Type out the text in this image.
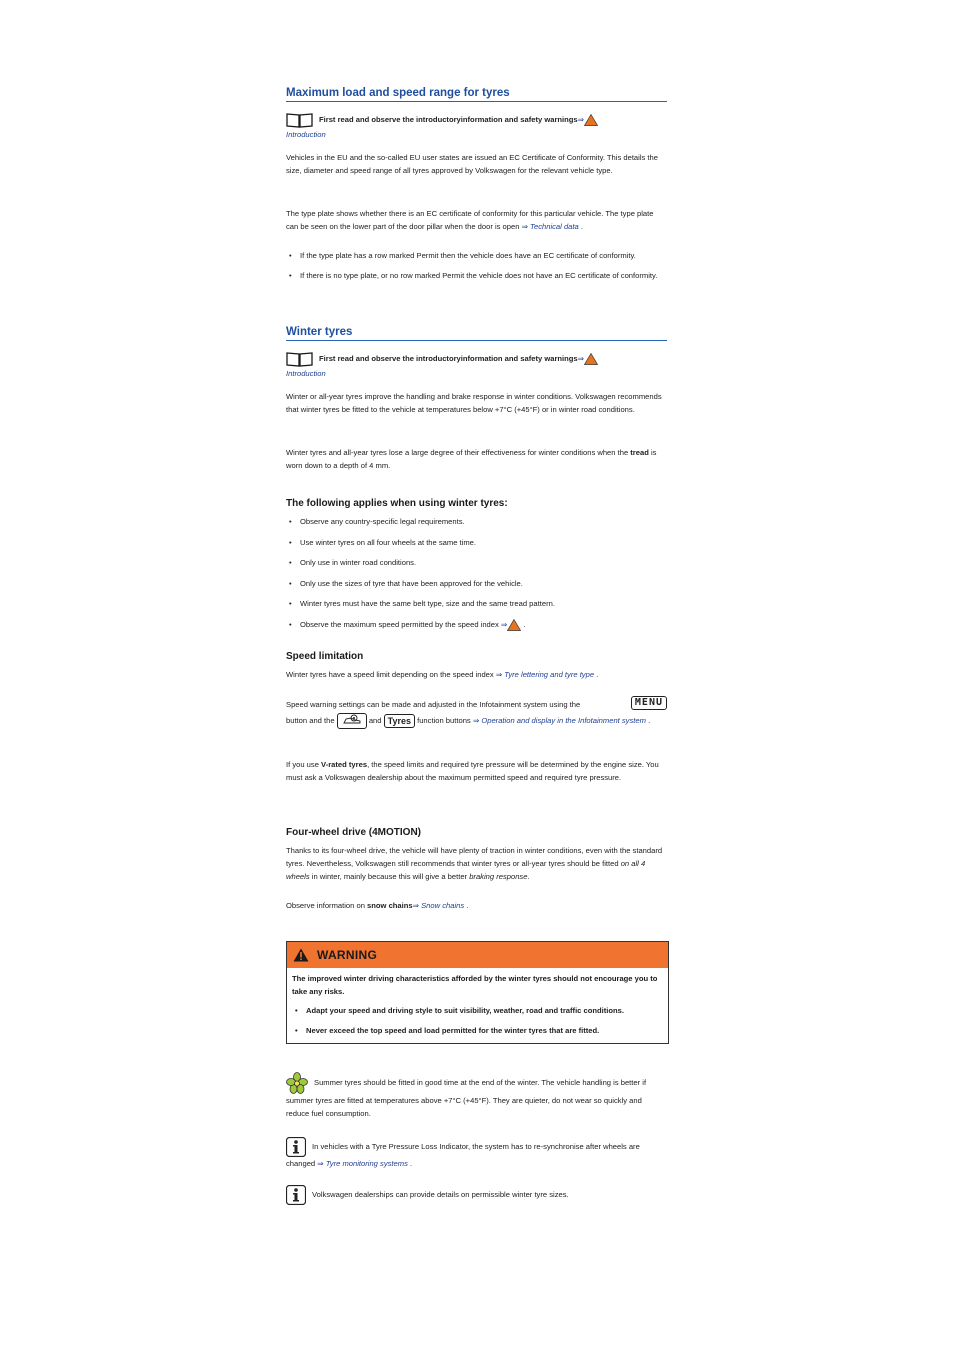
Maximum load and speed range for tyres
First read and observe the introductoryinformation and safety warnings⇒
Introduction
Vehicles in the EU and the so-called EU user states are issued an EC Certificate of Conformity. This details the size, diameter and speed range of all tyres approved by Volkswagen for the relevant vehicle type.
The type plate shows whether there is an EC certificate of conformity for this particular vehicle. The type plate can be seen on the lower part of the door pillar when the door is open ⇒ Technical data .
• If the type plate has a row marked Permit then the vehicle does have an EC certificate of conformity.
• If there is no type plate, or no row marked Permit the vehicle does not have an EC certificate of conformity.
Winter tyres
First read and observe the introductoryinformation and safety warnings⇒
Introduction
Winter or all-year tyres improve the handling and brake response in winter conditions. Volkswagen recommends that winter tyres be fitted to the vehicle at temperatures below +7°C (+45°F) or in winter road conditions.
Winter tyres and all-year tyres lose a large degree of their effectiveness for winter conditions when the tread is worn down to a depth of 4 mm.
The following applies when using winter tyres:
• Observe any country-specific legal requirements.
• Use winter tyres on all four wheels at the same time.
• Only use in winter road conditions.
• Only use the sizes of tyre that have been approved for the vehicle.
• Winter tyres must have the same belt type, size and the same tread pattern.
• Observe the maximum speed permitted by the speed index ⇒ .
Speed limitation
Winter tyres have a speed limit depending on the speed index ⇒ Tyre lettering and tyre type .
Speed warning settings can be made and adjusted in the Infotainment system using the	MENU

button and the	and Tyres function buttons ⇒ Operation and display in the Infotainment system .
If you use V-rated tyres, the speed limits and required tyre pressure will be determined by the engine size. You must ask a Volkswagen dealership about the maximum permitted speed and required tyre pressure.
Four-wheel drive (4MOTION)
Thanks to its four-wheel drive, the vehicle will have plenty of traction in winter conditions, even with the standard tyres. Nevertheless, Volkswagen still recommends that winter tyres or all-year tyres should be fitted on all 4 wheels in winter, mainly because this will give a better braking response.
Observe information on snow chains⇒ Snow chains .
WARNING
The improved winter driving characteristics afforded by the winter tyres should not encourage you to take any risks.
• Adapt your speed and driving style to suit visibility, weather, road and traffic conditions.
• Never exceed the top speed and load permitted for the winter tyres that are fitted.
Summer tyres should be fitted in good time at the end of the winter. The vehicle handling is better if summer tyres are fitted at temperatures above +7°C (+45°F). They are quieter, do not wear so quickly and reduce fuel consumption.
In vehicles with a Tyre Pressure Loss Indicator, the system has to re-synchronise after wheels are changed ⇒ Tyre monitoring systems .
Volkswagen dealerships can provide details on permissible winter tyre sizes.
